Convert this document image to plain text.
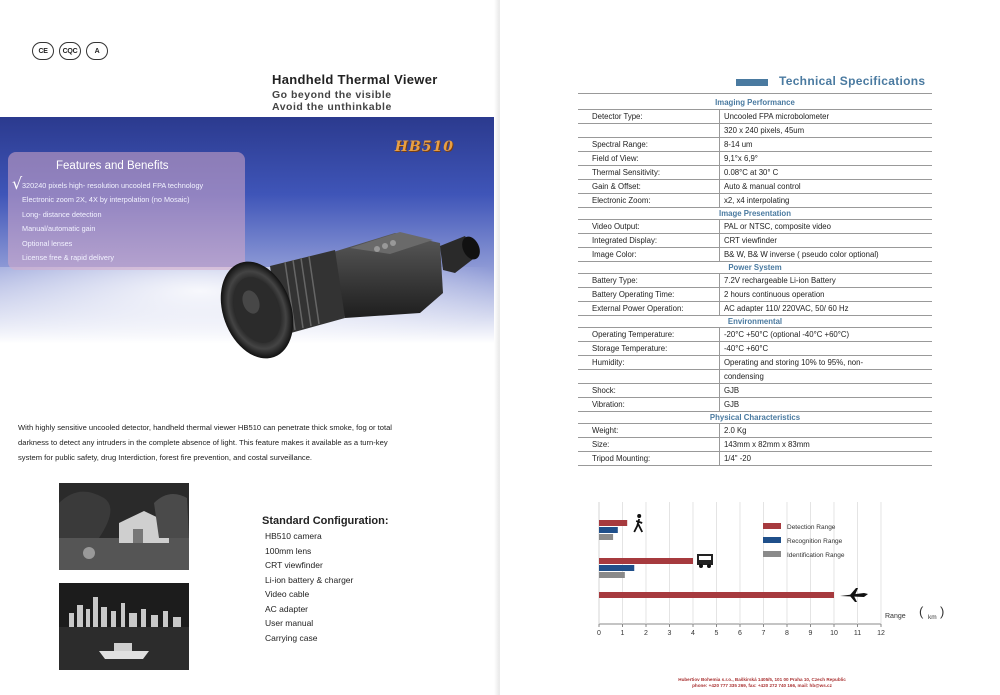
CE	CQC	A
Handheld Thermal Viewer
Go beyond the visible
Avoid the unthinkable
HB510
Features and Benefits
√ 320240 pixels high- resolution uncooled FPA technology
Electronic zoom 2X, 4X by interpolation (no Mosaic)
Long- distance detection
Manual/automatic gain
Optional lenses
License free & rapid delivery
With highly sensitive uncooled detector, handheld thermal viewer HB510 can penetrate thick smoke, fog or total
darkness to detect any intruders in the complete absence of light. This feature makes it available as a turn-key
system for public safety, drug Interdiction, forest fire prevention, and costal surveillance.
Standard Configuration:
HB510 camera
100mm lens
CRT viewfinder
Li-ion battery & charger
Video cable
AC adapter
User manual
Carrying case
Technical Specifications
Imaging Performance	
Detector Type:	Uncooled FPA microbolometer
	320 x 240 pixels, 45um
Spectral Range:	8-14 um
Field of View:	9,1°x 6,9°
Thermal Sensitivity:	0.08°C at 30° C
Gain & Offset:	Auto & manual control
Electronic Zoom:	x2, x4 interpolating
Image Presentation	
Video Output:	PAL or NTSC, composite video
Integrated Display:	CRT viewfinder
Image Color:	B& W, B& W inverse ( pseudo color optional)
Power System	
Battery Type:	7.2V rechargeable Li-ion Battery
Battery Operating Time:	2 hours continuous operation
External Power Operation:	AC adapter 110/ 220VAC, 50/ 60 Hz
Environmental	
Operating Temperature:	-20°C +50°C (optional -40°C +60°C)
Storage Temperature:	-40°C +60°C
Humidity:	Operating and storing 10% to 95%, non-
	condensing
Shock:	GJB
Vibration:	GJB
Physical Characteristics	
Weight:	2.0 Kg
Size:	143mm x 82mm x 83mm
Tripod Mounting:	1/4" -20
0	1	2	3	4	5	6	7	8	9	10 11 12
Detection Range
Recognition Range
Identification Range
Range ( km )
Hubertiov Bohemia s.r.o., Baškirská 1405/5, 101 00 Praha 10, Czech Republic
phone: +420 777 335 269, fax: +420 272 740 166, mail: hb@ws.cz
